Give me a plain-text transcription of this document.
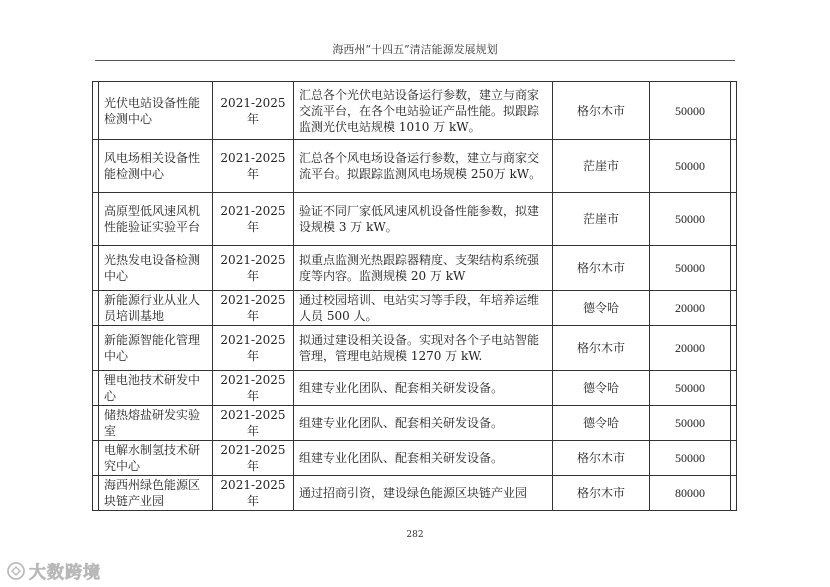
海西州“十四五”清洁能源发展规划
	光伏电站设备性能检测中心	2021-2025年	汇总各个光伏电站设备运行参数，建立与商家交流平台，在各个电站验证产品性能。拟跟踪监测光伏电站规模 1010 万 kW。	格尔木市	50000	
	风电场相关设备性能检测中心	2021-2025年	汇总各个风电场设备运行参数，建立与商家交流平台。拟跟踪监测风电场规模 250万 kW。	茫崖市	50000	
	高原型低风速风机性能验证实验平台	2021-2025年	验证不同厂家低风速风机设备性能参数，拟建设规模 3 万 kW。	茫崖市	50000	
	光热发电设备检测中心	2021-2025年	拟重点监测光热跟踪器精度、支架结构系统强度等内容。监测规模 20 万 kW	格尔木市	50000	
	新能源行业从业人员培训基地	2021-2025年	通过校园培训、电站实习等手段，年培养运维人员 500 人。	德令哈	20000	
	新能源智能化管理中心	2021-2025年	拟通过建设相关设备。实现对各个子电站智能管理，管理电站规模 1270 万 kW.	格尔木市	20000	
	锂电池技术研发中心	2021-2025年	组建专业化团队、配套相关研发设备。	德令哈	50000	
	储热熔盐研发实验室	2021-2025年	组建专业化团队、配套相关研发设备。	德令哈	50000	
	电解水制氢技术研究中心	2021-2025年	组建专业化团队、配套相关研发设备。	格尔木市	50000	
	海西州绿色能源区块链产业园	2021-2025年	通过招商引资，建设绿色能源区块链产业园	格尔木市	80000	
282
大数跨境
